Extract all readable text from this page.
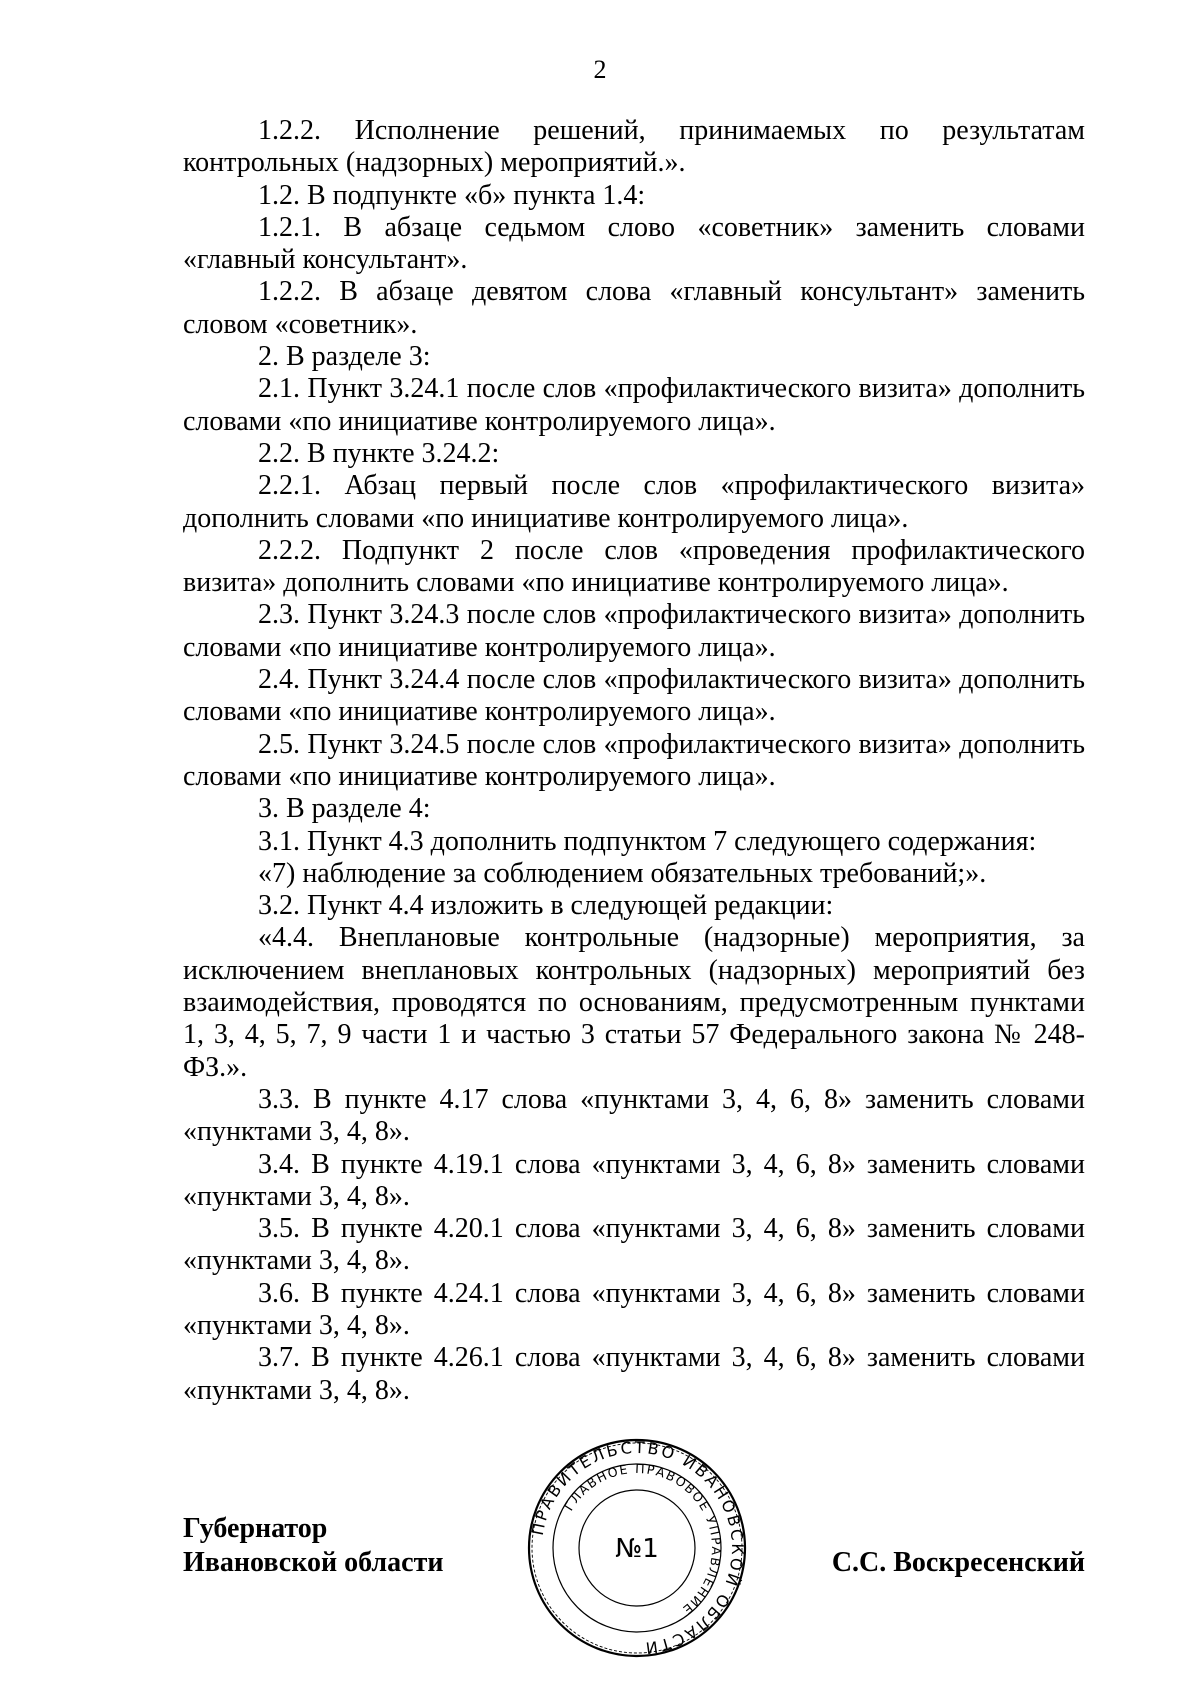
2

1.2.2. Исполнение решений, принимаемых по результатам контрольных (надзорных) мероприятий.».

1.2. В подпункте «б» пункта 1.4:

1.2.1. В абзаце седьмом слово «советник» заменить словами «главный консультант».

1.2.2. В абзаце девятом слова «главный консультант» заменить словом «советник».

2. В разделе 3:

2.1. Пункт 3.24.1 после слов «профилактического визита» дополнить словами «по инициативе контролируемого лица».

2.2. В пункте 3.24.2:

2.2.1. Абзац первый после слов «профилактического визита» дополнить словами «по инициативе контролируемого лица».

2.2.2. Подпункт 2 после слов «проведения профилактического визита» дополнить словами «по инициативе контролируемого лица».

2.3. Пункт 3.24.3 после слов «профилактического визита» дополнить словами «по инициативе контролируемого лица».

2.4. Пункт 3.24.4 после слов «профилактического визита» дополнить словами «по инициативе контролируемого лица».

2.5. Пункт 3.24.5 после слов «профилактического визита» дополнить словами «по инициативе контролируемого лица».

3. В разделе 4:

3.1. Пункт 4.3 дополнить подпунктом 7 следующего содержания:

«7) наблюдение за соблюдением обязательных требований;».

3.2. Пункт 4.4 изложить в следующей редакции:

«4.4. Внеплановые контрольные (надзорные) мероприятия, за исключением внеплановых контрольных (надзорных) мероприятий без взаимодействия, проводятся по основаниям, предусмотренным пунктами 1, 3, 4, 5, 7, 9 части 1 и частью 3 статьи 57 Федерального закона № 248-ФЗ.».

3.3. В пункте 4.17 слова «пунктами 3, 4, 6, 8» заменить словами «пунктами 3, 4, 8».

3.4. В пункте 4.19.1 слова «пунктами 3, 4, 6, 8» заменить словами «пунктами 3, 4, 8».

3.5. В пункте 4.20.1 слова «пунктами 3, 4, 6, 8» заменить словами «пунктами 3, 4, 8».

3.6. В пункте 4.24.1 слова «пунктами 3, 4, 6, 8» заменить словами «пунктами 3, 4, 8».

3.7. В пункте 4.26.1 слова «пунктами 3, 4, 6, 8» заменить словами «пунктами 3, 4, 8».

Губернатор
Ивановской области	С.С. Воскресенский
ПРАВИТЕЛЬСТВО ИВАНОВСКОЙ ОБЛАСТИ
ГЛАВНОЕ ПРАВОВОЕ УПРАВЛЕНИЕ
№1
